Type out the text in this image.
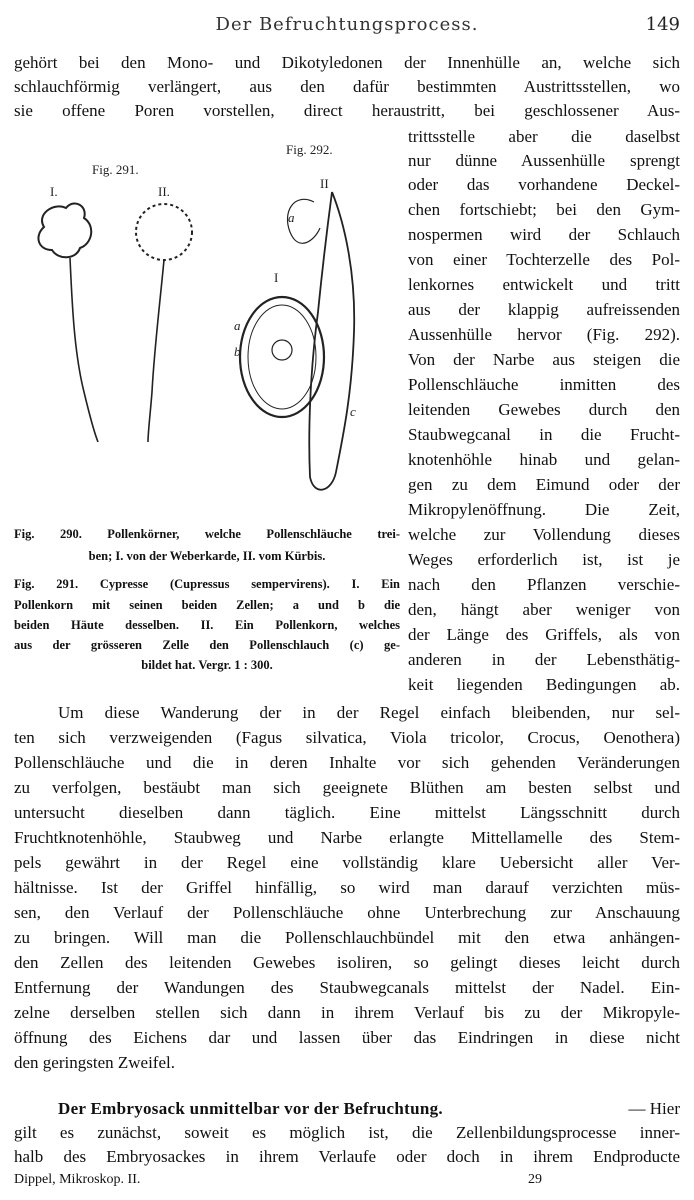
Der Befruchtungsprocess.	149
gehört bei den Mono- und Dikotyledonen der Innenhülle an, welche sich
schlauchförmig verlängert, aus den dafür bestimmten Austrittsstellen, wo
sie offene Poren vorstellen, direct heraustritt, bei geschlossener Aus-
trittsstelle aber die daselbst
nur dünne Aussenhülle sprengt
oder das vorhandene Deckel-
chen fortschiebt; bei den Gym-
nospermen wird der Schlauch
von einer Tochterzelle des Pol-
lenkornes entwickelt und tritt
aus der klappig aufreissenden
Aussenhülle hervor (Fig. 292).
Von der Narbe aus steigen die
Pollenschläuche inmitten des
leitenden Gewebes durch den
Staubwegcanal in die Frucht-
knotenhöhle hinab und gelan-
gen zu dem Eimund oder der
Mikropylenöffnung. Die Zeit,
welche zur Vollendung dieses
Weges erforderlich ist, ist je
nach den Pflanzen verschie-
den, hängt aber weniger von
der Länge des Griffels, als von
anderen in der Lebensthätig-
keit liegenden Bedingungen ab.
Fig. 291.
I.	II.
Fig. 292.
II
I
a
b
a
c
Fig. 290. Pollenkörner, welche Pollenschläuche trei-
ben; I. von der Weberkarde, II. vom Kürbis.
Fig. 291. Cypresse (Cupressus sempervirens). I. Ein
Pollenkorn mit seinen beiden Zellen; a und b die
beiden Häute desselben. II. Ein Pollenkorn, welches
aus der grösseren Zelle den Pollenschlauch (c) ge-
bildet hat. Vergr. 1 : 300.
Um diese Wanderung der in der Regel einfach bleibenden, nur sel-
ten sich verzweigenden (Fagus silvatica, Viola tricolor, Crocus, Oenothera)
Pollenschläuche und die in deren Inhalte vor sich gehenden Veränderungen
zu verfolgen, bestäubt man sich geeignete Blüthen am besten selbst und
untersucht dieselben dann täglich. Eine mittelst Längsschnitt durch
Fruchtknotenhöhle, Staubweg und Narbe erlangte Mittellamelle des Stem-
pels gewährt in der Regel eine vollständig klare Uebersicht aller Ver-
hältnisse. Ist der Griffel hinfällig, so wird man darauf verzichten müs-
sen, den Verlauf der Pollenschläuche ohne Unterbrechung zur Anschauung
zu bringen. Will man die Pollenschlauchbündel mit den etwa anhängen-
den Zellen des leitenden Gewebes isoliren, so gelingt dieses leicht durch
Entfernung der Wandungen des Staubwegcanals mittelst der Nadel. Ein-
zelne derselben stellen sich dann in ihrem Verlauf bis zu der Mikropyle-
öffnung des Eichens dar und lassen über das Eindringen in diese nicht
den geringsten Zweifel.
Der Embryosack unmittelbar vor der Befruchtung.	— Hier
gilt es zunächst, soweit es möglich ist, die Zellenbildungsprocesse inner-
halb des Embryosackes in ihrem Verlaufe oder doch in ihrem Endproducte
Dippel, Mikroskop. II.	29
